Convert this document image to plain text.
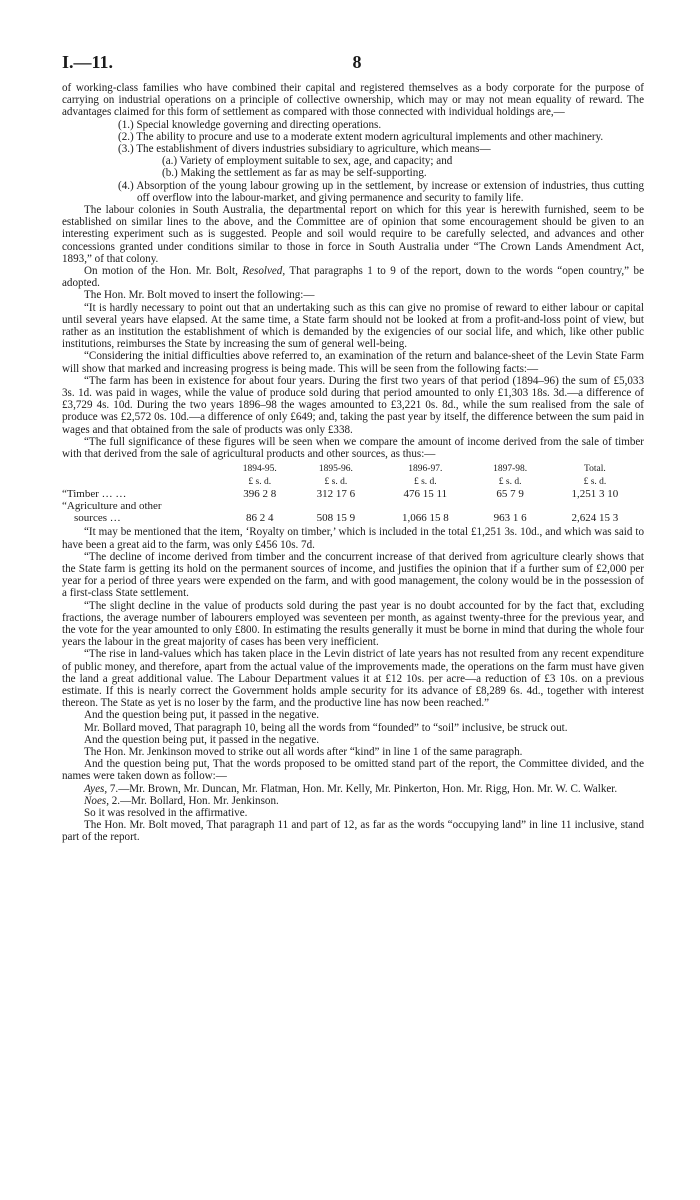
I.—11.	8

of working-class families who have combined their capital and registered themselves as a body corporate for the purpose of carrying on industrial operations on a principle of collective ownership, which may or may not mean equality of reward. The advantages claimed for this form of settlement as compared with those connected with individual holdings are,—

(1.) Special knowledge governing and directing operations.

(2.) The ability to procure and use to a moderate extent modern agricultural implements and other machinery.

(3.) The establishment of divers industries subsidiary to agriculture, which means—

(a.) Variety of employment suitable to sex, age, and capacity; and

(b.) Making the settlement as far as may be self-supporting.

(4.) Absorption of the young labour growing up in the settlement, by increase or extension of industries, thus cutting off overflow into the labour-market, and giving permanence and security to family life.

The labour colonies in South Australia, the departmental report on which for this year is herewith furnished, seem to be established on similar lines to the above, and the Committee are of opinion that some encouragement should be given to an interesting experiment such as is suggested. People and soil would require to be carefully selected, and advances and other concessions granted under conditions similar to those in force in South Australia under “The Crown Lands Amendment Act, 1893,” of that colony.

On motion of the Hon. Mr. Bolt, Resolved, That paragraphs 1 to 9 of the report, down to the words “open country,” be adopted.

The Hon. Mr. Bolt moved to insert the following:—

“It is hardly necessary to point out that an undertaking such as this can give no promise of reward to either labour or capital until several years have elapsed. At the same time, a State farm should not be looked at from a profit-and-loss point of view, but rather as an institution the establishment of which is demanded by the exigencies of our social life, and which, like other public institutions, reimburses the State by increasing the sum of general well-being.

“Considering the initial difficulties above referred to, an examination of the return and balance-sheet of the Levin State Farm will show that marked and increasing progress is being made. This will be seen from the following facts:—

“The farm has been in existence for about four years. During the first two years of that period (1894–96) the sum of £5,033 3s. 1d. was paid in wages, while the value of produce sold during that period amounted to only £1,303 18s. 3d.—a difference of £3,729 4s. 10d. During the two years 1896–98 the wages amounted to £3,221 0s. 8d., while the sum realised from the sale of produce was £2,572 0s. 10d.—a difference of only £649; and, taking the past year by itself, the difference between the sum paid in wages and that obtained from the sale of products was only £338.

“The full significance of these figures will be seen when we compare the amount of income derived from the sale of timber with that derived from the sale of agricultural products and other sources, as thus:—

	1894-95.	1895-96.	1896-97.	1897-98.	Total.
	£ s. d.	£ s. d.	£ s. d.	£ s. d.	£ s. d.
“Timber … …	396 2 8	312 17 6	476 15 11	65 7 9	1,251 3 10
“Agriculture and other					
sources …	86 2 4	508 15 9	1,066 15 8	963 1 6	2,624 15 3

“It may be mentioned that the item, ‘Royalty on timber,’ which is included in the total £1,251 3s. 10d., and which was said to have been a great aid to the farm, was only £456 10s. 7d.

“The decline of income derived from timber and the concurrent increase of that derived from agriculture clearly shows that the State farm is getting its hold on the permanent sources of income, and justifies the opinion that if a further sum of £2,000 per year for a period of three years were expended on the farm, and with good management, the colony would be in the possession of a first-class State settlement.

“The slight decline in the value of products sold during the past year is no doubt accounted for by the fact that, excluding fractions, the average number of labourers employed was seventeen per month, as against twenty-three for the previous year, and the vote for the year amounted to only £800. In estimating the results generally it must be borne in mind that during the whole four years the labour in the great majority of cases has been very inefficient.

“The rise in land-values which has taken place in the Levin district of late years has not resulted from any recent expenditure of public money, and therefore, apart from the actual value of the improvements made, the operations on the farm must have given the land a great additional value. The Labour Department values it at £12 10s. per acre—a reduction of £3 10s. on a previous estimate. If this is nearly correct the Government holds ample security for its advance of £8,289 6s. 4d., together with interest thereon. The State as yet is no loser by the farm, and the productive line has now been reached.”

And the question being put, it passed in the negative.

Mr. Bollard moved, That paragraph 10, being all the words from “founded” to “soil” inclusive, be struck out.

And the question being put, it passed in the negative.

The Hon. Mr. Jenkinson moved to strike out all words after “kind” in line 1 of the same paragraph.

And the question being put, That the words proposed to be omitted stand part of the report, the Committee divided, and the names were taken down as follow:—

Ayes, 7.—Mr. Brown, Mr. Duncan, Mr. Flatman, Hon. Mr. Kelly, Mr. Pinkerton, Hon. Mr. Rigg, Hon. Mr. W. C. Walker.

Noes, 2.—Mr. Bollard, Hon. Mr. Jenkinson.

So it was resolved in the affirmative.

The Hon. Mr. Bolt moved, That paragraph 11 and part of 12, as far as the words “occupying land” in line 11 inclusive, stand part of the report.
